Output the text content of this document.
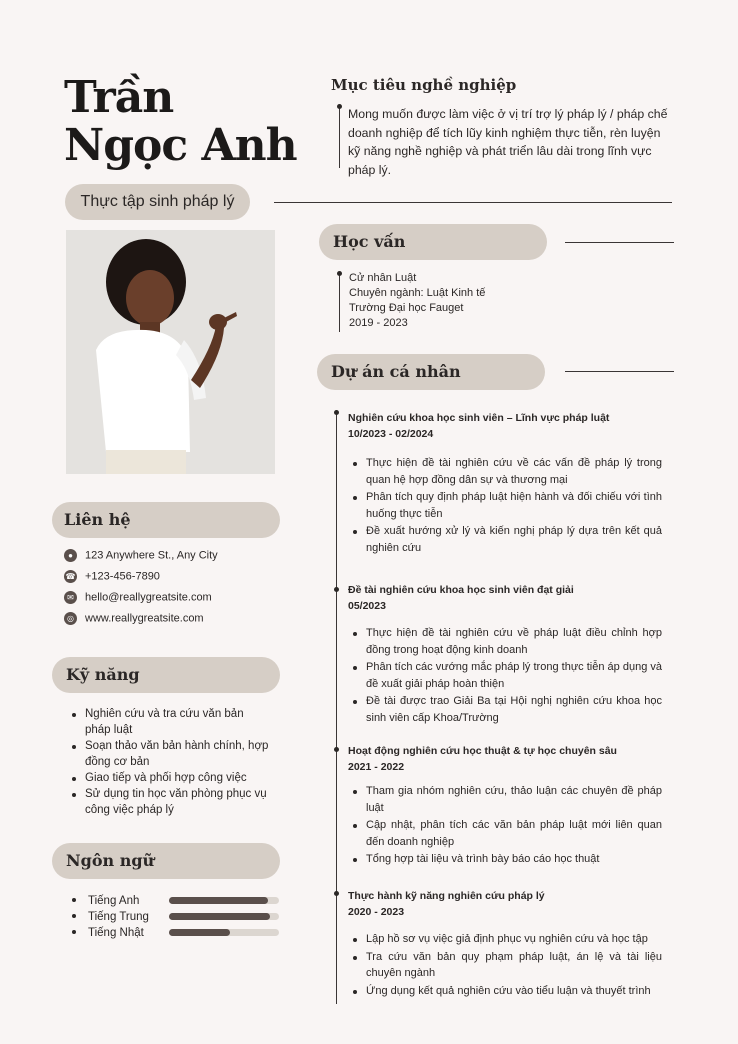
Trần
Ngọc Anh
Thực tập sinh pháp lý
Mục tiêu nghề nghiệp
Mong muốn được làm việc ở vị trí trợ lý pháp lý / pháp chế doanh nghiệp để tích lũy kinh nghiệm thực tiễn, rèn luyện kỹ năng nghề nghiệp và phát triển lâu dài trong lĩnh vực pháp lý.
Học vấn
Cử nhân Luật
Chuyên ngành: Luật Kinh tế
Trường Đại học Fauget
2019 - 2023
Dự án cá nhân
Nghiên cứu khoa học sinh viên – Lĩnh vực pháp luật
10/2023 - 02/2024
Thực hiện đề tài nghiên cứu về các vấn đề pháp lý trong quan hệ hợp đồng dân sự và thương mại
Phân tích quy định pháp luật hiện hành và đối chiếu với tình huống thực tiễn
Đề xuất hướng xử lý và kiến nghị pháp lý dựa trên kết quả nghiên cứu
Đề tài nghiên cứu khoa học sinh viên đạt giải
05/2023
Thực hiện đề tài nghiên cứu về pháp luật điều chỉnh hợp đồng trong hoạt động kinh doanh
Phân tích các vướng mắc pháp lý trong thực tiễn áp dụng và đề xuất giải pháp hoàn thiện
Đề tài được trao Giải Ba tại Hội nghị nghiên cứu khoa học sinh viên cấp Khoa/Trường
Hoạt động nghiên cứu học thuật & tự học chuyên sâu
2021 - 2022
Tham gia nhóm nghiên cứu, thảo luận các chuyên đề pháp luật
Cập nhật, phân tích các văn bản pháp luật mới liên quan đến doanh nghiệp
Tổng hợp tài liệu và trình bày báo cáo học thuật
Thực hành kỹ năng nghiên cứu pháp lý
2020 - 2023
Lập hồ sơ vụ việc giả định phục vụ nghiên cứu và học tập
Tra cứu văn bản quy phạm pháp luật, án lệ và tài liệu chuyên ngành
Ứng dụng kết quả nghiên cứu vào tiểu luận và thuyết trình
Liên hệ
● 123 Anywhere St., Any City
☎ +123-456-7890
✉ hello@reallygreatsite.com
◎ www.reallygreatsite.com
Kỹ năng
Nghiên cứu và tra cứu văn bản pháp luật
Soạn thảo văn bản hành chính, hợp đồng cơ bản
Giao tiếp và phối hợp công việc
Sử dụng tin học văn phòng phục vụ công việc pháp lý
Ngôn ngữ
Tiếng Anh
Tiếng Trung
Tiếng Nhật
